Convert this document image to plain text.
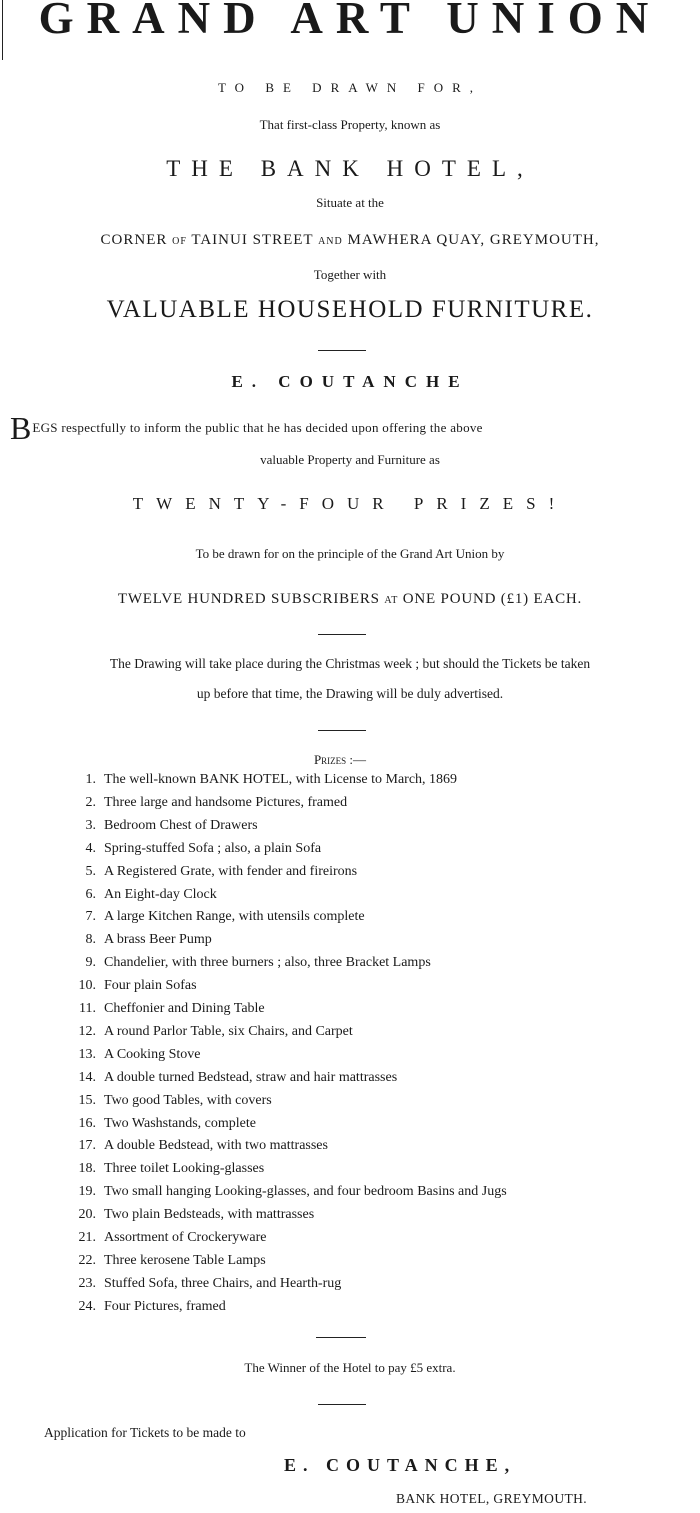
GRAND ART UNION
TO BE DRAWN FOR,
That first-class Property, known as
THE BANK HOTEL,
Situate at the
CORNER OF TAINUI STREET AND MAWHERA QUAY, GREYMOUTH,
Together with
VALUABLE HOUSEHOLD FURNITURE.
E. COUTANCHE
BEGS respectfully to inform the public that he has decided upon offering the above
valuable Property and Furniture as
TWENTY-FOUR PRIZES!
To be drawn for on the principle of the Grand Art Union by
TWELVE HUNDRED SUBSCRIBERS AT ONE POUND (£1) EACH.
The Drawing will take place during the Christmas week ; but should the Tickets be taken
up before that time, the Drawing will be duly advertised.
Prizes :—
1. The well-known BANK HOTEL, with License to March, 1869
2. Three large and handsome Pictures, framed
3. Bedroom Chest of Drawers
4. Spring-stuffed Sofa ; also, a plain Sofa
5. A Registered Grate, with fender and fireirons
6. An Eight-day Clock
7. A large Kitchen Range, with utensils complete
8. A brass Beer Pump
9. Chandelier, with three burners ; also, three Bracket Lamps
10. Four plain Sofas
11. Cheffonier and Dining Table
12. A round Parlor Table, six Chairs, and Carpet
13. A Cooking Stove
14. A double turned Bedstead, straw and hair mattrasses
15. Two good Tables, with covers
16. Two Washstands, complete
17. A double Bedstead, with two mattrasses
18. Three toilet Looking-glasses
19. Two small hanging Looking-glasses, and four bedroom Basins and Jugs
20. Two plain Bedsteads, with mattrasses
21. Assortment of Crockeryware
22. Three kerosene Table Lamps
23. Stuffed Sofa, three Chairs, and Hearth-rug
24. Four Pictures, framed
The Winner of the Hotel to pay £5 extra.
Application for Tickets to be made to
E. COUTANCHE,
BANK HOTEL, GREYMOUTH.
